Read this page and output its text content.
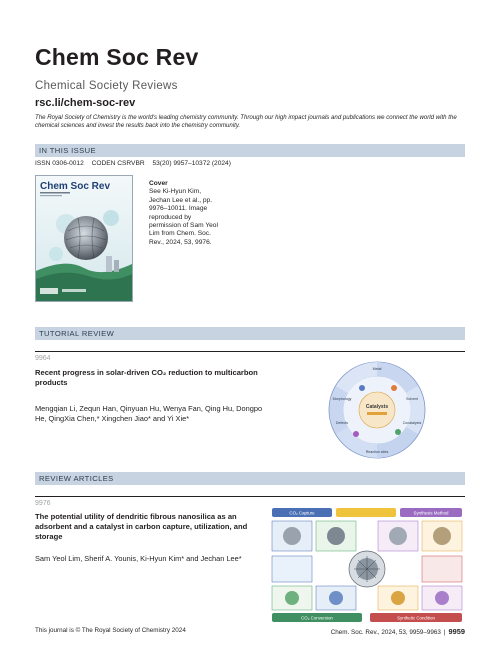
Chem Soc Rev
Chemical Society Reviews
rsc.li/chem-soc-rev
The Royal Society of Chemistry is the world's leading chemistry community. Through our high impact journals and publications we connect the world with the chemical sciences and invest the results back into the chemistry community.
IN THIS ISSUE
ISSN 0306-0012 CODEN CSRVBR 53(20) 9957–10372 (2024)
Chem Soc Rev	Cover
See Ki-Hyun Kim, Jechan Lee et al., pp. 9976–10011. Image reproduced by permission of Sam Yeol Lim from Chem. Soc. Rev., 2024, 53, 9976.
TUTORIAL REVIEW
9964
Recent progress in solar-driven CO₂ reduction to multicarbon products
Mengqian Li, Zequn Han, Qinyuan Hu, Wenya Fan, Qing Hu, Dongpo He, QingXia Chen,* Xingchen Jiao* and Yi Xie*
Catalysts
Metal
Solvent
Cocatalysts
Reaction sites
Defects
Morphology
REVIEW ARTICLES
9976
The potential utility of dendritic fibrous nanosilica as an adsorbent and a catalyst in carbon capture, utilization, and storage
Sam Yeol Lim, Sherif A. Younis, Ki-Hyun Kim* and Jechan Lee*
CO₂ Capture	Synthesis Method
CO₂ Conversion	Synthetic Condition
This journal is © The Royal Society of Chemistry 2024	Chem. Soc. Rev., 2024, 53, 9959–9963 | 9959
